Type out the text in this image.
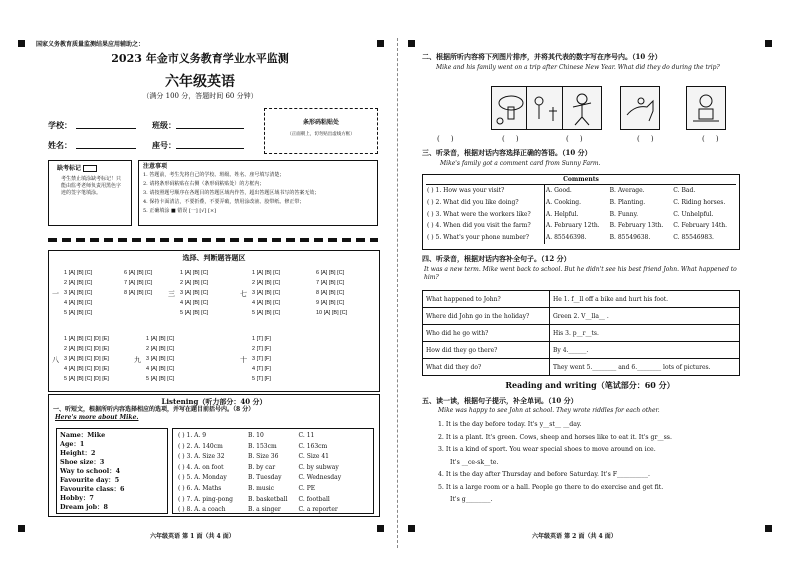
国家义务教育质量监测结果应用辅助之：
2023 年金市义务教育学业水平监测
六年级英语
（满分 100 分，答题时间 60 分钟）
学校：	班级：
姓名：	座号：
条形码粘贴处
（正面朝上，切勿贴出虚线方框）
缺考标记
考生禁止填涂缺考标记！只能由监考老师负责用黑色字迹的签字笔填涂。
注意事项
1. 答题前，考生先将自己的学校、班级、姓名、座号填写清楚；
2. 请将条形码粘贴在右侧（条形码粘贴处）的方框内；
3. 请按照题号顺序在各题目的答题区域内作答，超出答题区域书写的答案无效；
4. 保持卡面清洁，不要折叠，不要弄破，禁用涂改液、胶带纸、修正带；
5. 正确填涂 ■ 错误 [一] [√] [×]
选择、判断题答题区
1 [A] [B] [C]
2 [A] [B] [C]
3 [A] [B] [C]
4 [A] [B] [C]
5 [A] [B] [C]
一
6 [A] [B] [C]
7 [A] [B] [C]
8 [A] [B] [C]
1 [A] [B] [C]
2 [A] [B] [C]
3 [A] [B] [C]
4 [A] [B] [C]
5 [A] [B] [C]
三
1 [A] [B] [C]
2 [A] [B] [C]
3 [A] [B] [C]
4 [A] [B] [C]
5 [A] [B] [C]
七
6 [A] [B] [C]
7 [A] [B] [C]
8 [A] [B] [C]
9 [A] [B] [C]
10 [A] [B] [C]
1 [A] [B] [C] [D] [E]
2 [A] [B] [C] [D] [E]
3 [A] [B] [C] [D] [E]
4 [A] [B] [C] [D] [E]
5 [A] [B] [C] [D] [E]
八
1 [A] [B] [C]
2 [A] [B] [C]
3 [A] [B] [C]
4 [A] [B] [C]
5 [A] [B] [C]
九
1 [T] [F]
2 [T] [F]
3 [T] [F]
4 [T] [F]
5 [T] [F]
十
Listening（听力部分：40 分）
一、听短文，根据所听内容选择相应的选项，并写在题目前括号内。（8 分）
Here's more about Mike.
Name：Mike
Age：1
Height：2
Shoe size：3
Way to school：4
Favourite day：5
Favourite class：6
Hobby：7
Dream job：8
( ) 1. A. 9	B. 10	C. 11
( ) 2. A. 140cm	B. 153cm	C. 163cm
( ) 3. A. Size 32	B. Size 36	C. Size 41
( ) 4. A. on foot	B. by car	C. by subway
( ) 5. A. Monday	B. Tuesday	C. Wednesday
( ) 6. A. Maths	B. music	C. PE
( ) 7. A. ping-pong	B. basketball	C. football
( ) 8. A. a coach	B. a singer	C. a reporter
六年级英语 第 1 面（共 4 面）
二、根据所听内容将下列图片排序，并将其代表的数字写在序号内。（10 分）
Mike and his family went on a trip after Chinese New Year. What did they do during the trip?
(     )	(     )	(     )	(     )	(     )
三、听录音，根据对话内容选择正确的答语。（10 分）
Mike's family got a comment card from Sunny Farm.
Comments
( ) 1. How was your visit?	A. Good.	B. Average.	C. Bad.
( ) 2. What did you like doing?	A. Cooking.	B. Planting.	C. Riding horses.
( ) 3. What were the workers like?	A. Helpful.	B. Funny.	C. Unhelpful.
( ) 4. When did you visit the farm?	A. February 12th.	B. February 13th.	C. February 14th.
( ) 5. What's your phone number?	A. 85546398.	B. 85549638.	C. 85546983.
四、听录音，根据对话内容补全句子。（12 分）
It was a new term. Mike went back to school. But he didn't see his best friend John. What happened to him?
What happened to John?	He 1. f__ll off a bike and hurt his foot.
Where did John go in the holiday?	Green 2. V__lla__ .
Who did he go with?	His 3. p__r__ts.
How did they go there?	By 4.______.
What did they do?	They went 5.________ and 6.________ lots of pictures.
Reading and writing（笔试部分：60 分）
五、读一读，根据句子提示，补全单词。（10 分）
Mike was happy to see John at school. They wrote riddles for each other.
1. It is the day before today. It's y__st__ __day.
2. It is a plant. It's green. Cows, sheep and horses like to eat it. It's gr__ss.
3. It is a kind of sport. You wear special shoes to move around on ice.
It's __ce-sk__te.
4. It is the day after Thursday and before Saturday. It's F__________.
5. It is a large room or a hall. People go there to do exercise and get fit.
It's g________.
六年级英语 第 2 面（共 4 面）
